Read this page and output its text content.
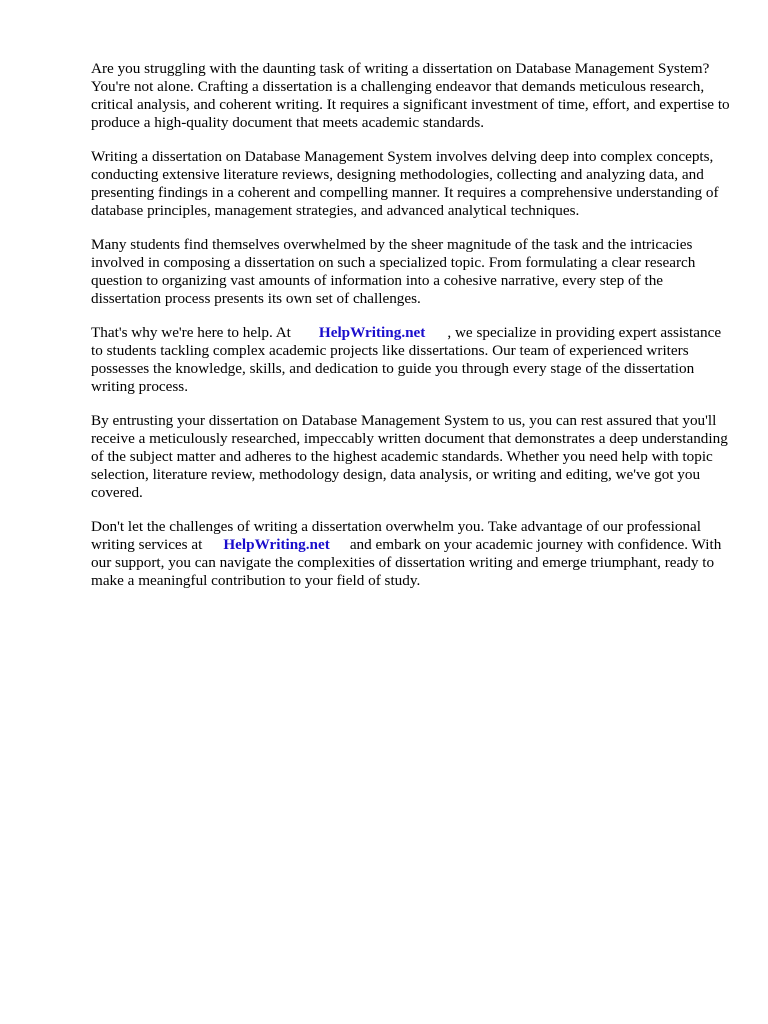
Are you struggling with the daunting task of writing a dissertation on Database Management System? You're not alone. Crafting a dissertation is a challenging endeavor that demands meticulous research, critical analysis, and coherent writing. It requires a significant investment of time, effort, and expertise to produce a high-quality document that meets academic standards.

Writing a dissertation on Database Management System involves delving deep into complex concepts, conducting extensive literature reviews, designing methodologies, collecting and analyzing data, and presenting findings in a coherent and compelling manner. It requires a comprehensive understanding of database principles, management strategies, and advanced analytical techniques.

Many students find themselves overwhelmed by the sheer magnitude of the task and the intricacies involved in composing a dissertation on such a specialized topic. From formulating a clear research question to organizing vast amounts of information into a cohesive narrative, every step of the dissertation process presents its own set of challenges.

That's why we're here to help. At HelpWriting.net , we specialize in providing expert assistance to students tackling complex academic projects like dissertations. Our team of experienced writers possesses the knowledge, skills, and dedication to guide you through every stage of the dissertation writing process.

By entrusting your dissertation on Database Management System to us, you can rest assured that you'll receive a meticulously researched, impeccably written document that demonstrates a deep understanding of the subject matter and adheres to the highest academic standards. Whether you need help with topic selection, literature review, methodology design, data analysis, or writing and editing, we've got you covered.

Don't let the challenges of writing a dissertation overwhelm you. Take advantage of our professional writing services at HelpWriting.net and embark on your academic journey with confidence. With our support, you can navigate the complexities of dissertation writing and emerge triumphant, ready to make a meaningful contribution to your field of study.
